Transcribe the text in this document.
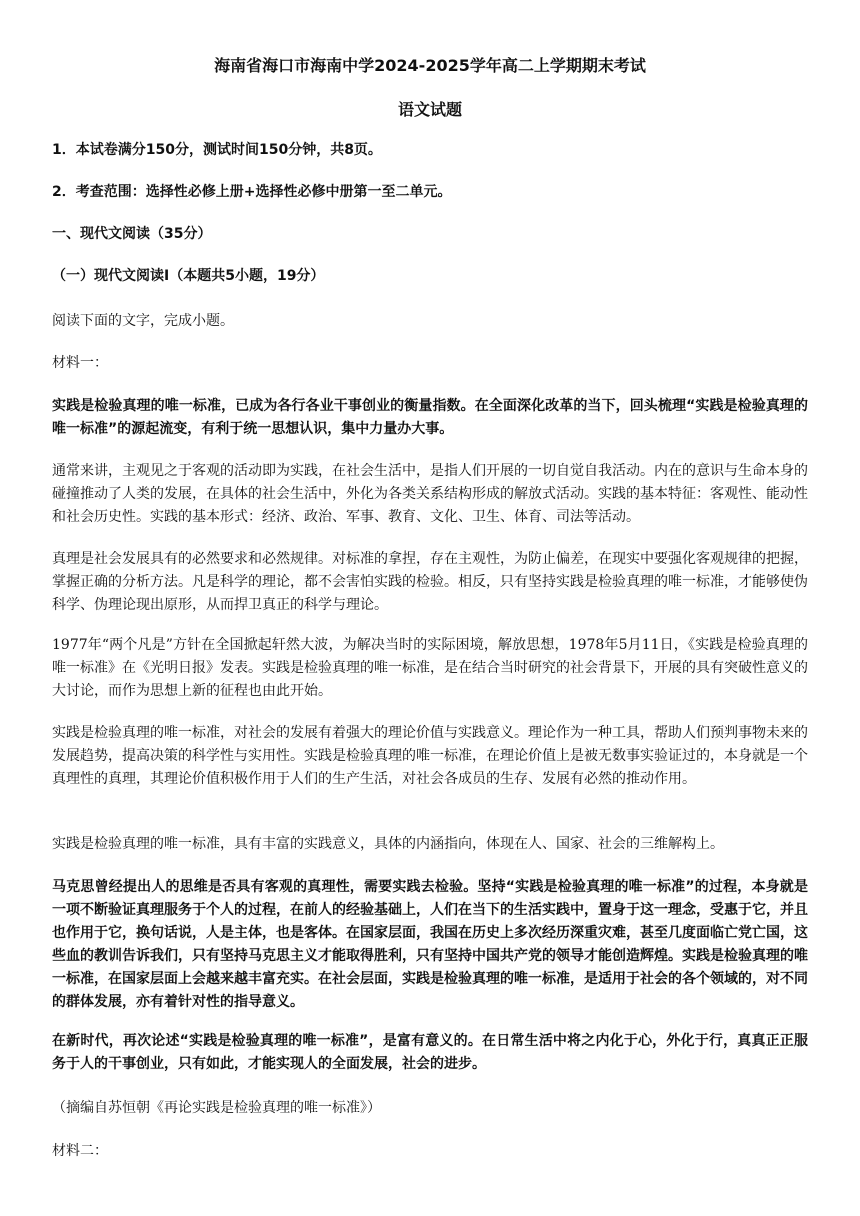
海南省海口市海南中学2024-2025学年高二上学期期末考试
语文试题
1．本试卷满分150分，测试时间150分钟，共8页。
2．考查范围：选择性必修上册+选择性必修中册第一至二单元。
一、现代文阅读（35分）
（一）现代文阅读Ⅰ（本题共5小题，19分）
阅读下面的文字，完成小题。
材料一：
实践是检验真理的唯一标准，已成为各行各业干事创业的衡量指数。在全面深化改革的当下，回头梳理“实践是检验真理的唯一标准”的源起流变，有利于统一思想认识，集中力量办大事。
通常来讲，主观见之于客观的活动即为实践，在社会生活中，是指人们开展的一切自觉自我活动。内在的意识与生命本身的碰撞推动了人类的发展，在具体的社会生活中，外化为各类关系结构形成的解放式活动。实践的基本特征：客观性、能动性和社会历史性。实践的基本形式：经济、政治、军事、教育、文化、卫生、体育、司法等活动。
真理是社会发展具有的必然要求和必然规律。对标准的拿捏，存在主观性，为防止偏差，在现实中要强化客观规律的把握，掌握正确的分析方法。凡是科学的理论，都不会害怕实践的检验。相反，只有坚持实践是检验真理的唯一标准，才能够使伪科学、伪理论现出原形，从而捍卫真正的科学与理论。
1977年“两个凡是”方针在全国掀起轩然大波，为解决当时的实际困境，解放思想，1978年5月11日，《实践是检验真理的唯一标准》在《光明日报》发表。实践是检验真理的唯一标准，是在结合当时研究的社会背景下，开展的具有突破性意义的大讨论，而作为思想上新的征程也由此开始。
实践是检验真理的唯一标准，对社会的发展有着强大的理论价值与实践意义。理论作为一种工具，帮助人们预判事物未来的发展趋势，提高决策的科学性与实用性。实践是检验真理的唯一标准，在理论价值上是被无数事实验证过的，本身就是一个真理性的真理，其理论价值积极作用于人们的生产生活，对社会各成员的生存、发展有必然的推动作用。
实践是检验真理的唯一标准，具有丰富的实践意义，具体的内涵指向，体现在人、国家、社会的三维解构上。
马克思曾经提出人的思维是否具有客观的真理性，需要实践去检验。坚持“实践是检验真理的唯一标准”的过程，本身就是一项不断验证真理服务于个人的过程，在前人的经验基础上，人们在当下的生活实践中，置身于这一理念，受惠于它，并且也作用于它，换句话说，人是主体，也是客体。在国家层面，我国在历史上多次经历深重灾难，甚至几度面临亡党亡国，这些血的教训告诉我们，只有坚持马克思主义才能取得胜利，只有坚持中国共产党的领导才能创造辉煌。实践是检验真理的唯一标准，在国家层面上会越来越丰富充实。在社会层面，实践是检验真理的唯一标准，是适用于社会的各个领域的，对不同的群体发展，亦有着针对性的指导意义。
在新时代，再次论述“实践是检验真理的唯一标准”，是富有意义的。在日常生活中将之内化于心，外化于行，真真正正服务于人的干事创业，只有如此，才能实现人的全面发展，社会的进步。
（摘编自苏恒朝《再论实践是检验真理的唯一标准》）
材料二：
